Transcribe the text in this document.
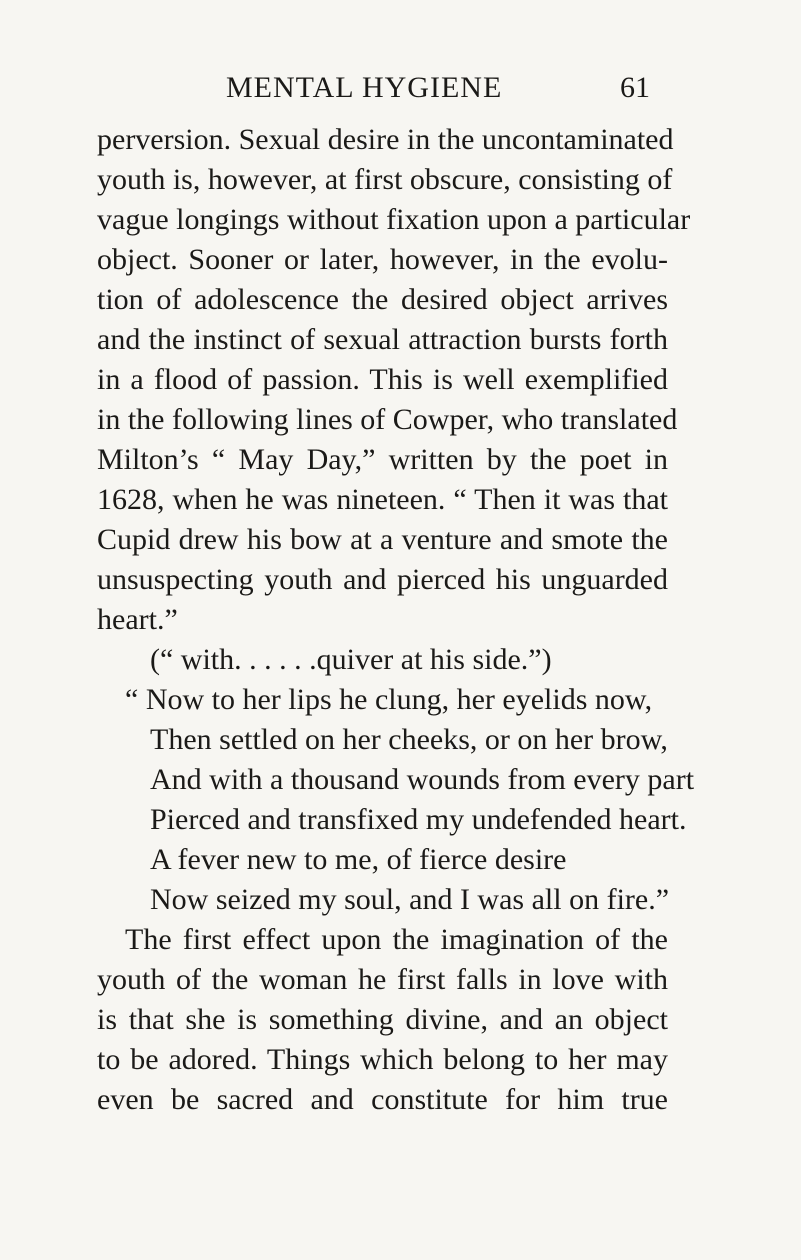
MENTAL HYGIENE	61
perversion. Sexual desire in the uncontaminated
youth is, however, at first obscure, consisting of
vague longings without fixation upon a particular
object. Sooner or later, however, in the evolu-
tion of adolescence the desired object arrives
and the instinct of sexual attraction bursts forth
in a flood of passion. This is well exemplified
in the following lines of Cowper, who translated
Milton’s “ May Day,” written by the poet in
1628, when he was nineteen. “ Then it was that
Cupid drew his bow at a venture and smote the
unsuspecting youth and pierced his unguarded
heart.”
(“ with. . . . . .quiver at his side.”)
“ Now to her lips he clung, her eyelids now,
Then settled on her cheeks, or on her brow,
And with a thousand wounds from every part
Pierced and transfixed my undefended heart.
A fever new to me, of fierce desire
Now seized my soul, and I was all on fire.”
The first effect upon the imagination of the
youth of the woman he first falls in love with
is that she is something divine, and an object
to be adored. Things which belong to her may
even be sacred and constitute for him true
